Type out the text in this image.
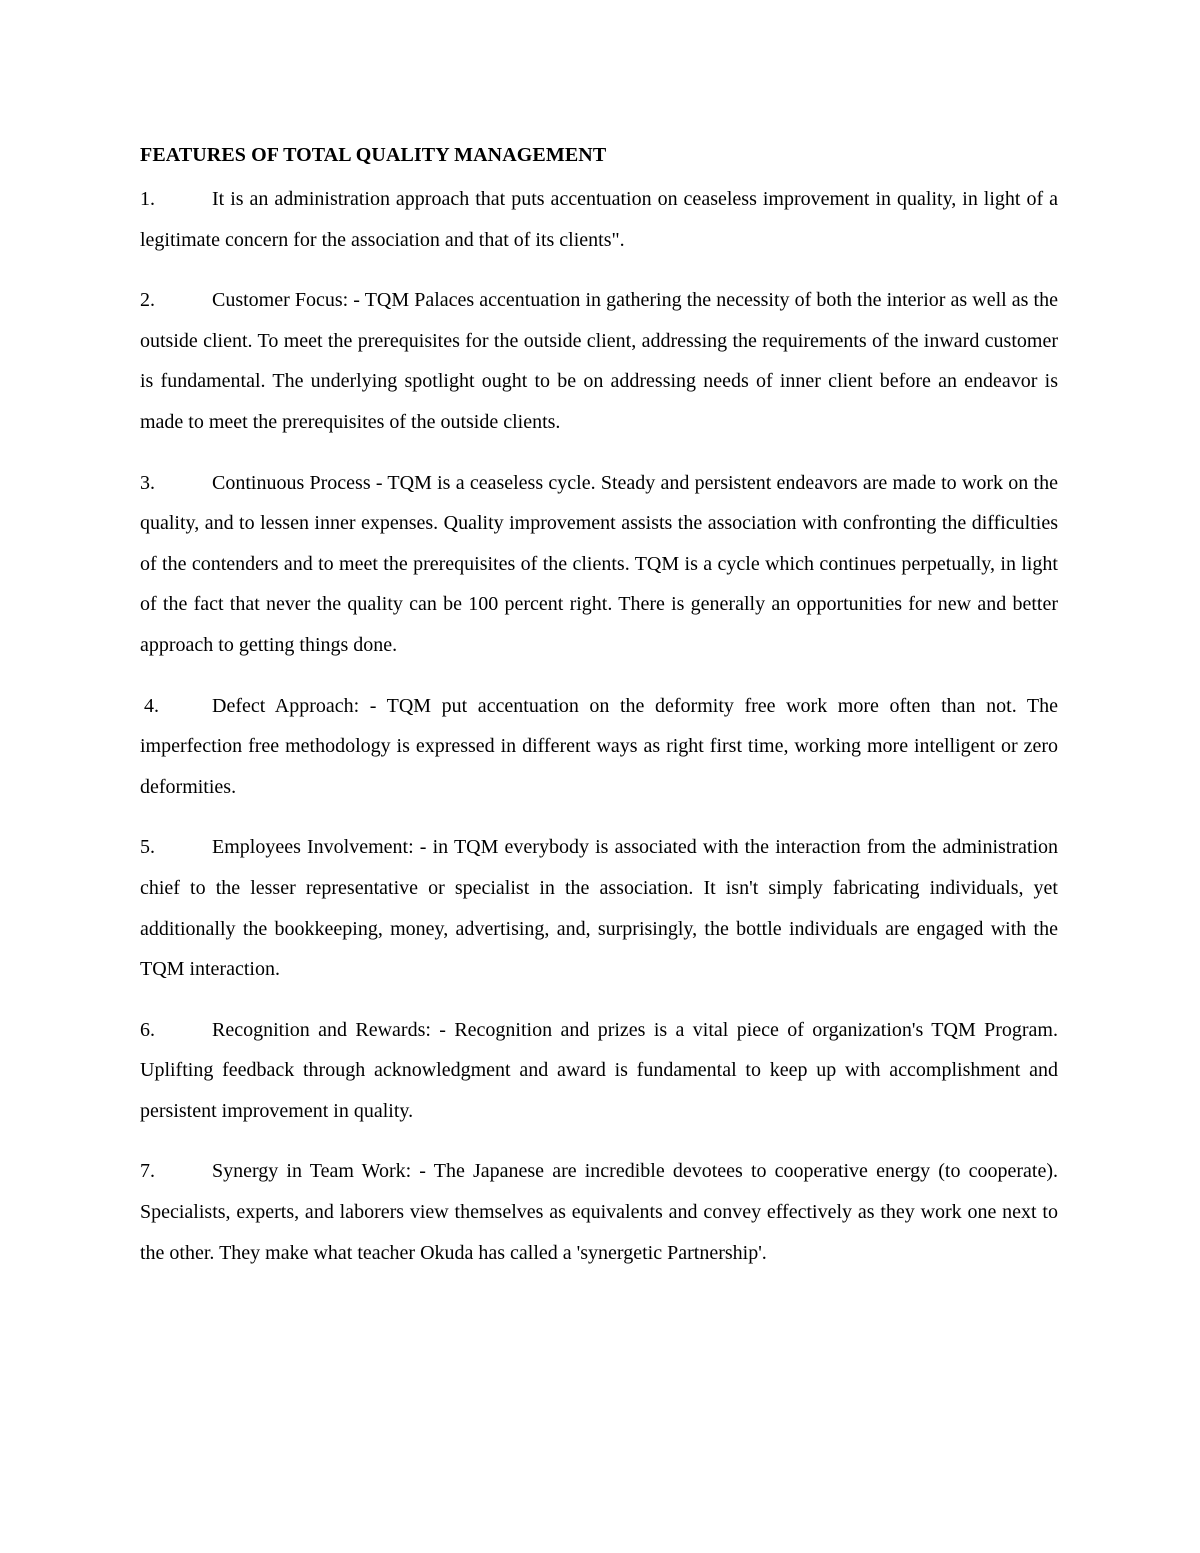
FEATURES OF TOTAL QUALITY MANAGEMENT

1.	It is an administration approach that puts accentuation on ceaseless improvement in quality, in light of a legitimate concern for the association and that of its clients".

2.	Customer Focus: - TQM Palaces accentuation in gathering the necessity of both the interior as well as the outside client. To meet the prerequisites for the outside client, addressing the requirements of the inward customer is fundamental. The underlying spotlight ought to be on addressing needs of inner client before an endeavor is made to meet the prerequisites of the outside clients.

3.	Continuous Process - TQM is a ceaseless cycle. Steady and persistent endeavors are made to work on the quality, and to lessen inner expenses. Quality improvement assists the association with confronting the difficulties of the contenders and to meet the prerequisites of the clients. TQM is a cycle which continues perpetually, in light of the fact that never the quality can be 100 percent right. There is generally an opportunities for new and better approach to getting things done.

4.	Defect Approach: - TQM put accentuation on the deformity free work more often than not. The imperfection free methodology is expressed in different ways as right first time, working more intelligent or zero deformities.

5.	Employees Involvement: - in TQM everybody is associated with the interaction from the administration chief to the lesser representative or specialist in the association. It isn't simply fabricating individuals, yet additionally the bookkeeping, money, advertising, and, surprisingly, the bottle individuals are engaged with the TQM interaction.

6.	Recognition and Rewards: - Recognition and prizes is a vital piece of organization's TQM Program. Uplifting feedback through acknowledgment and award is fundamental to keep up with accomplishment and persistent improvement in quality.

7.	Synergy in Team Work: - The Japanese are incredible devotees to cooperative energy (to cooperate). Specialists, experts, and laborers view themselves as equivalents and convey effectively as they work one next to the other. They make what teacher Okuda has called a 'synergetic Partnership'.
